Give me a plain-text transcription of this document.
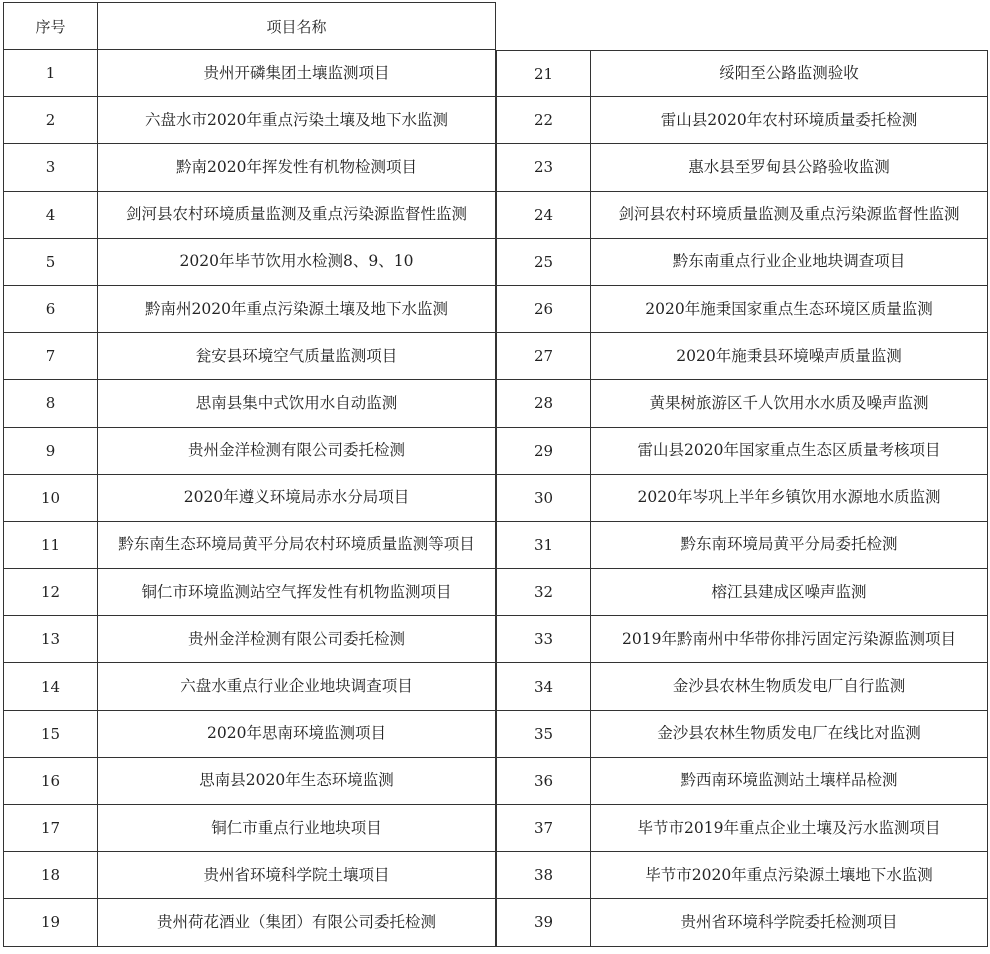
序号	项目名称
1	贵州开磷集团土壤监测项目	21	绥阳至公路监测验收
2	六盘水市2020年重点污染土壤及地下水监测	22	雷山县2020年农村环境质量委托检测
3	黔南2020年挥发性有机物检测项目	23	惠水县至罗甸县公路验收监测
4	剑河县农村环境质量监测及重点污染源监督性监测	24	剑河县农村环境质量监测及重点污染源监督性监测
5	2020年毕节饮用水检测8、9、10	25	黔东南重点行业企业地块调查项目
6	黔南州2020年重点污染源土壤及地下水监测	26	2020年施秉国家重点生态环境区质量监测
7	瓮安县环境空气质量监测项目	27	2020年施秉县环境噪声质量监测
8	思南县集中式饮用水自动监测	28	黄果树旅游区千人饮用水水质及噪声监测
9	贵州金洋检测有限公司委托检测	29	雷山县2020年国家重点生态区质量考核项目
10	2020年遵义环境局赤水分局项目	30	2020年岑巩上半年乡镇饮用水源地水质监测
11	黔东南生态环境局黄平分局农村环境质量监测等项目	31	黔东南环境局黄平分局委托检测
12	铜仁市环境监测站空气挥发性有机物监测项目	32	榕江县建成区噪声监测
13	贵州金洋检测有限公司委托检测	33	2019年黔南州中华带你排污固定污染源监测项目
14	六盘水重点行业企业地块调查项目	34	金沙县农林生物质发电厂自行监测
15	2020年思南环境监测项目	35	金沙县农林生物质发电厂在线比对监测
16	思南县2020年生态环境监测	36	黔西南环境监测站土壤样品检测
17	铜仁市重点行业地块项目	37	毕节市2019年重点企业土壤及污水监测项目
18	贵州省环境科学院土壤项目	38	毕节市2020年重点污染源土壤地下水监测
19	贵州荷花酒业（集团）有限公司委托检测	39	贵州省环境科学院委托检测项目
